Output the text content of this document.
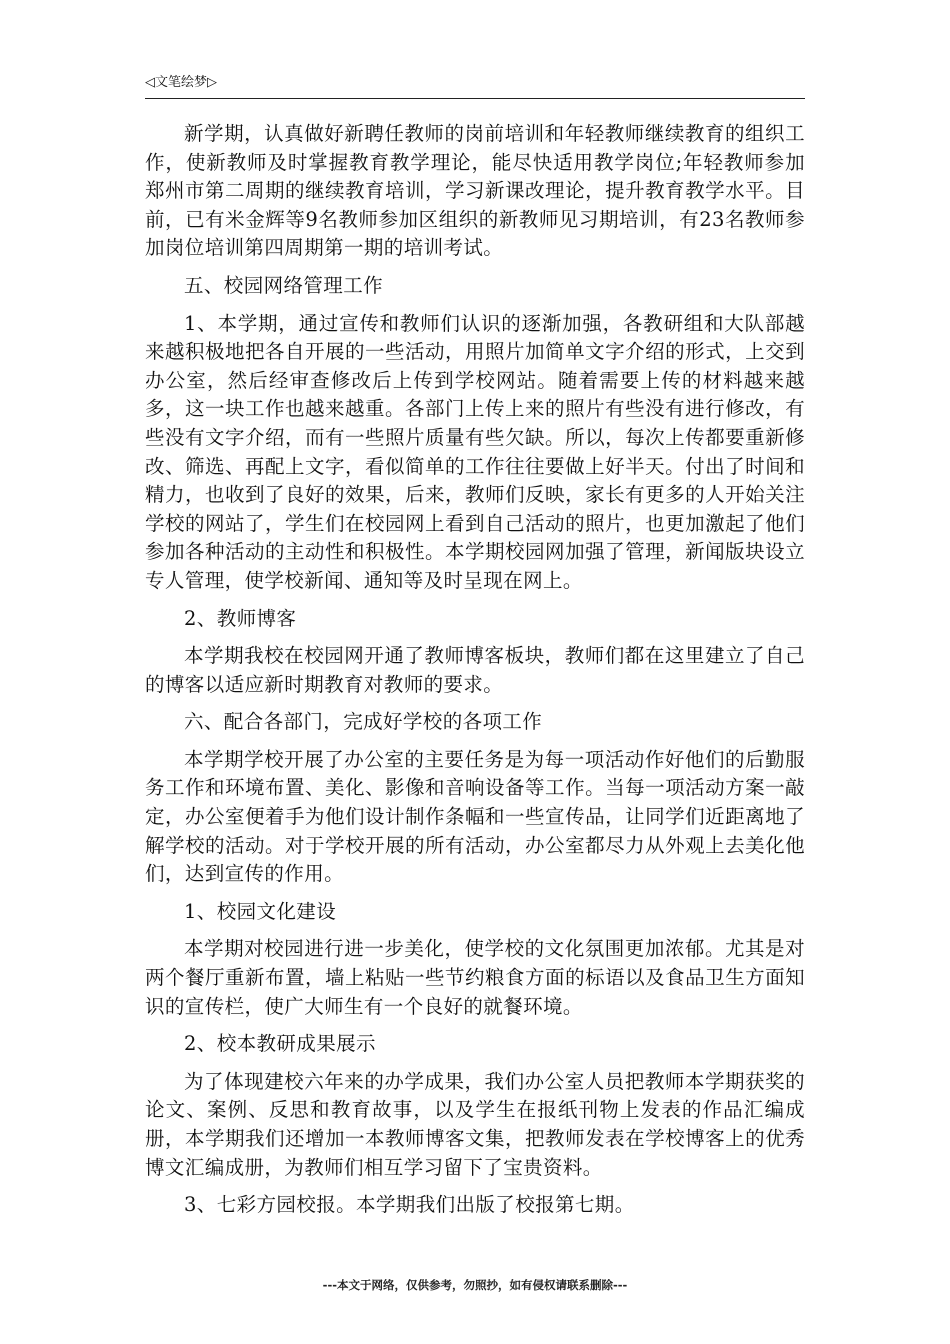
◁文笔绘梦▷

新学期，认真做好新聘任教师的岗前培训和年轻教师继续教育的组织工作，使新教师及时掌握教育教学理论，能尽快适用教学岗位;年轻教师参加郑州市第二周期的继续教育培训，学习新课改理论，提升教育教学水平。目前，已有米金辉等9名教师参加区组织的新教师见习期培训，有23名教师参加岗位培训第四周期第一期的培训考试。

五、校园网络管理工作

1、本学期，通过宣传和教师们认识的逐渐加强，各教研组和大队部越来越积极地把各自开展的一些活动，用照片加简单文字介绍的形式，上交到办公室，然后经审查修改后上传到学校网站。随着需要上传的材料越来越多，这一块工作也越来越重。各部门上传上来的照片有些没有进行修改，有些没有文字介绍，而有一些照片质量有些欠缺。所以，每次上传都要重新修改、筛选、再配上文字，看似简单的工作往往要做上好半天。付出了时间和精力，也收到了良好的效果，后来，教师们反映，家长有更多的人开始关注学校的网站了，学生们在校园网上看到自己活动的照片，也更加激起了他们参加各种活动的主动性和积极性。本学期校园网加强了管理，新闻版块设立专人管理，使学校新闻、通知等及时呈现在网上。

2、教师博客

本学期我校在校园网开通了教师博客板块，教师们都在这里建立了自己的博客以适应新时期教育对教师的要求。

六、配合各部门，完成好学校的各项工作

本学期学校开展了办公室的主要任务是为每一项活动作好他们的后勤服务工作和环境布置、美化、影像和音响设备等工作。当每一项活动方案一敲定，办公室便着手为他们设计制作条幅和一些宣传品，让同学们近距离地了解学校的活动。对于学校开展的所有活动，办公室都尽力从外观上去美化他们，达到宣传的作用。

1、校园文化建设

本学期对校园进行进一步美化，使学校的文化氛围更加浓郁。尤其是对两个餐厅重新布置，墙上粘贴一些节约粮食方面的标语以及食品卫生方面知识的宣传栏，使广大师生有一个良好的就餐环境。

2、校本教研成果展示

为了体现建校六年来的办学成果，我们办公室人员把教师本学期获奖的论文、案例、反思和教育故事，以及学生在报纸刊物上发表的作品汇编成册，本学期我们还增加一本教师博客文集，把教师发表在学校博客上的优秀博文汇编成册，为教师们相互学习留下了宝贵资料。

3、七彩方园校报。本学期我们出版了校报第七期。

---本文于网络，仅供参考，勿照抄，如有侵权请联系删除---
